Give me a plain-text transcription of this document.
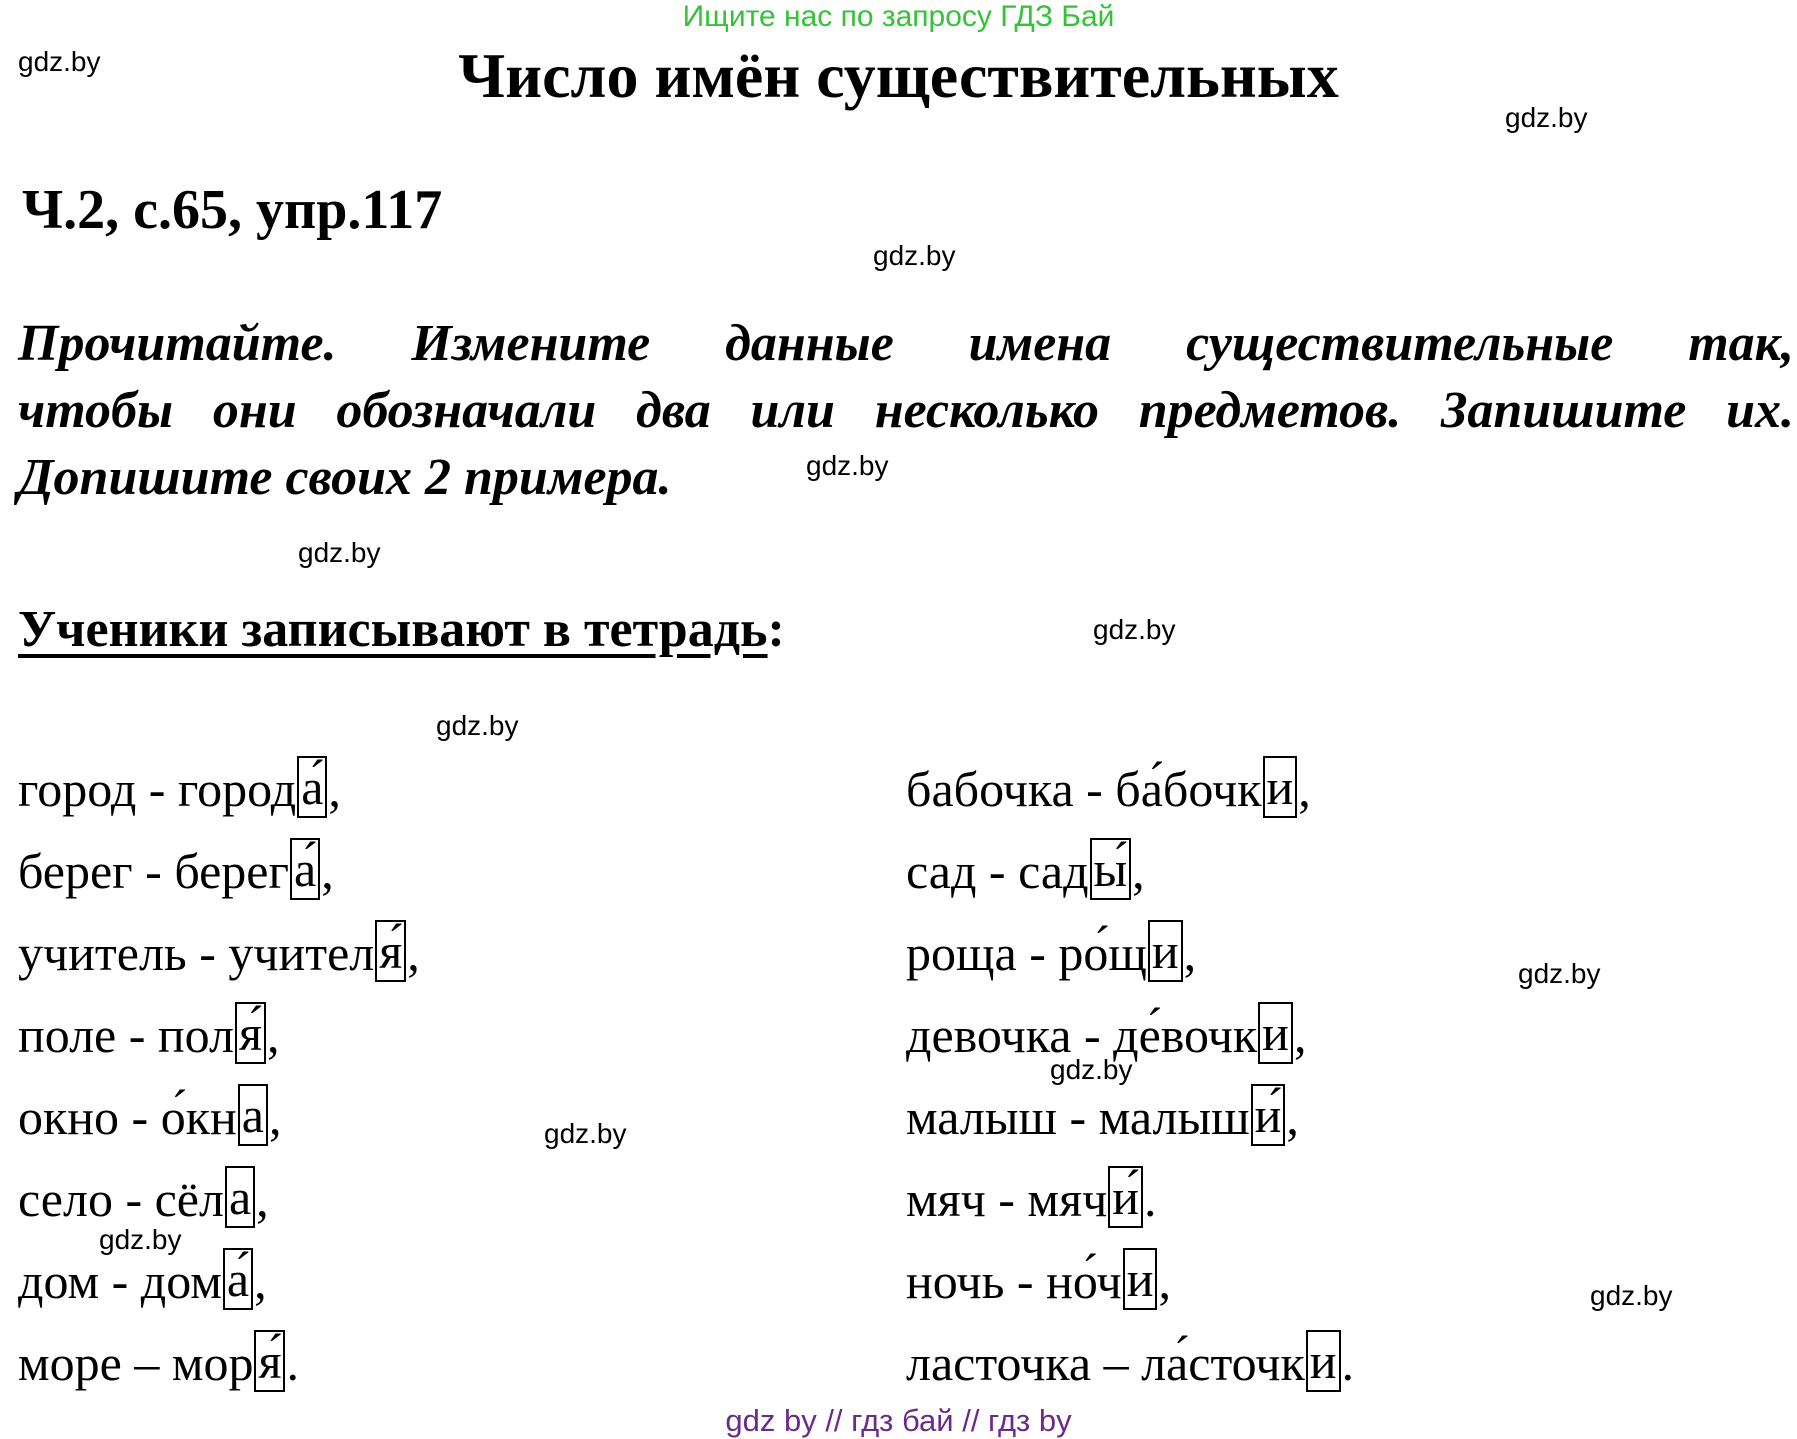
Ищите нас по запросу ГДЗ Бай
Число имён существительных
Ч.2, с.65, упр.117
Прочитайте. Измените данные имена существительные так,
чтобы они обозначали два или несколько предметов. Запишите их.
Допишите своих 2 примера.
Ученики записывают в тетрадь:
город - город а́ ,
берег - берег а́ ,
учитель - учител я́ ,
поле - пол я́ ,
окно - о́кн а ,
село - сёл а ,
дом - дом а́ ,
море – мор я́ .
бабочка - ба́бочк и ,
сад - сад ы́ ,
роща - ро́щ и ,
девочка - де́вочк и ,
малыш - малыш и́ ,
мяч - мяч и́ .
ночь - но́ч и ,
ласточка – ла́сточк и .
gdz.by
gdz.by
gdz.by
gdz.by
gdz.by
gdz.by
gdz.by
gdz.by
gdz.by
gdz.by
gdz.by
gdz.by
gdz by // гдз бай // гдз by
